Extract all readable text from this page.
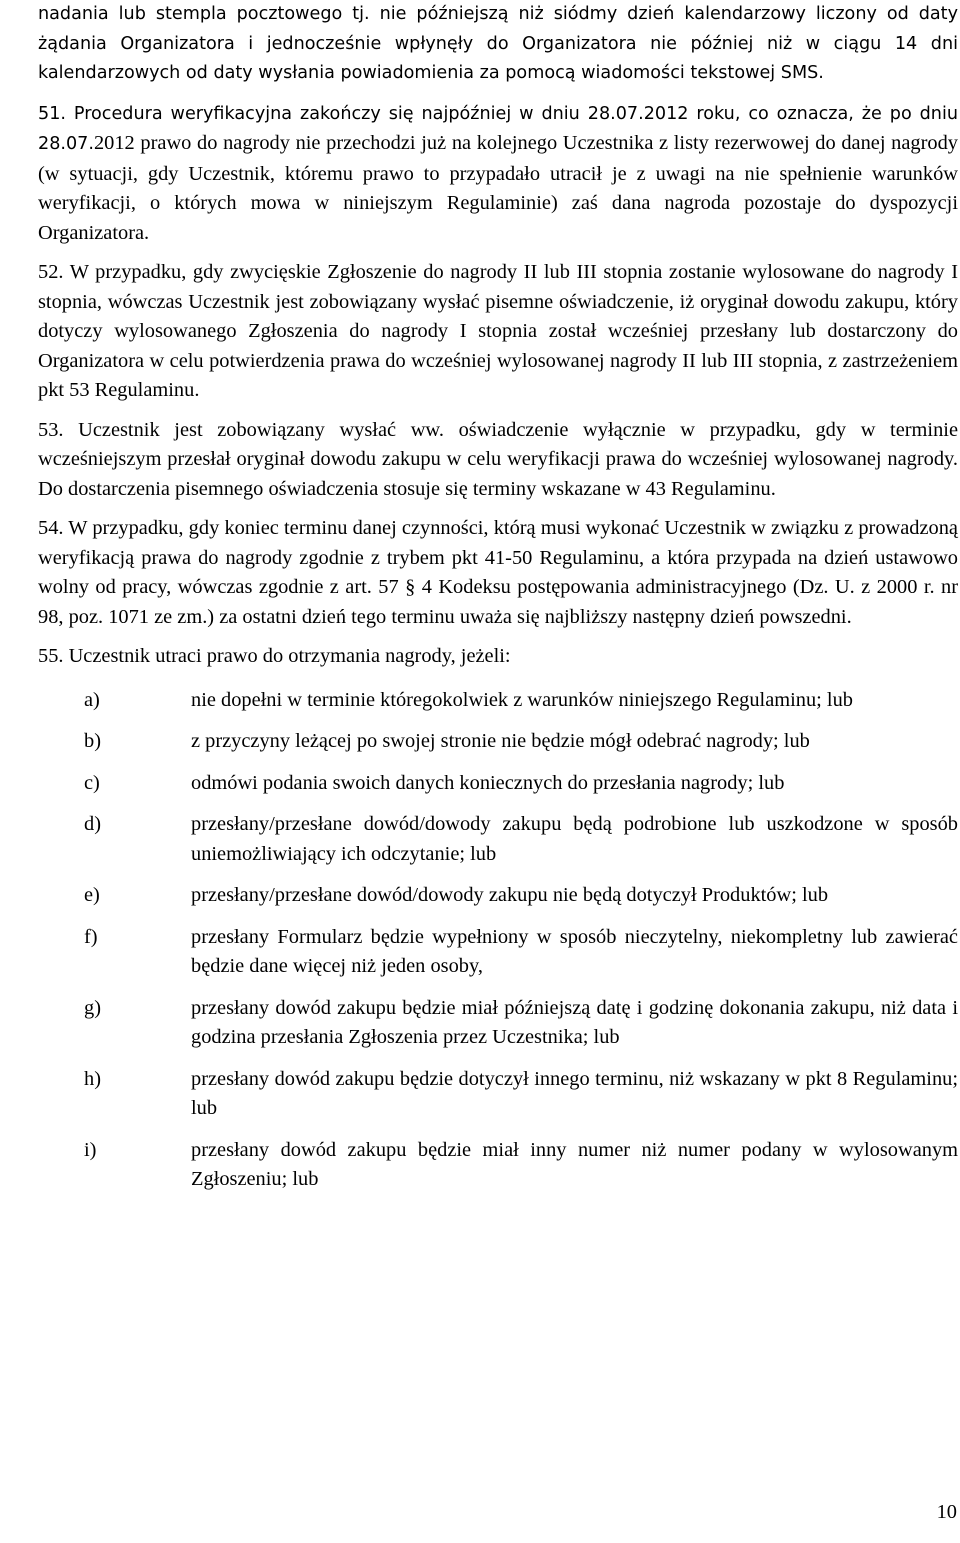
nadania lub stempla pocztowego tj. nie późniejszą niż siódmy dzień kalendarzowy liczony od daty żądania Organizatora i jednocześnie wpłynęły do Organizatora nie później niż w ciągu 14 dni kalendarzowych od daty wysłania powiadomienia za pomocą wiadomości tekstowej SMS.

51. Procedura weryfikacyjna zakończy się najpóźniej w dniu 28.07.2012 roku, co oznacza, że po dniu 28.07.2012 prawo do nagrody nie przechodzi już na kolejnego Uczestnika z listy rezerwowej do danej nagrody (w sytuacji, gdy Uczestnik, któremu prawo to przypadało utracił je z uwagi na nie spełnienie warunków weryfikacji, o których mowa w niniejszym Regulaminie) zaś dana nagroda pozostaje do dyspozycji Organizatora.

52. W przypadku, gdy zwycięskie Zgłoszenie do nagrody II lub III stopnia zostanie wylosowane do nagrody I stopnia, wówczas Uczestnik jest zobowiązany wysłać pisemne oświadczenie, iż oryginał dowodu zakupu, który dotyczy wylosowanego Zgłoszenia do nagrody I stopnia został wcześniej przesłany lub dostarczony do Organizatora w celu potwierdzenia prawa do wcześniej wylosowanej nagrody II lub III stopnia, z zastrzeżeniem pkt 53 Regulaminu.

53. Uczestnik jest zobowiązany wysłać ww. oświadczenie wyłącznie w przypadku, gdy w terminie wcześniejszym przesłał oryginał dowodu zakupu w celu weryfikacji prawa do wcześniej wylosowanej nagrody. Do dostarczenia pisemnego oświadczenia stosuje się terminy wskazane w 43 Regulaminu.

54. W przypadku, gdy koniec terminu danej czynności, którą musi wykonać Uczestnik w związku z prowadzoną weryfikacją prawa do nagrody zgodnie z trybem pkt 41-50 Regulaminu, a która przypada na dzień ustawowo wolny od pracy, wówczas zgodnie z art. 57 § 4 Kodeksu postępowania administracyjnego (Dz. U. z 2000 r. nr 98, poz. 1071 ze zm.) za ostatni dzień tego terminu uważa się najbliższy następny dzień powszedni.

55. Uczestnik utraci prawo do otrzymania nagrody, jeżeli:

a)	nie dopełni w terminie któregokolwiek z warunków niniejszego Regulaminu; lub
b)	z przyczyny leżącej po swojej stronie nie będzie mógł odebrać nagrody; lub
c)	odmówi podania swoich danych koniecznych do przesłania nagrody; lub
d)	przesłany/przesłane dowód/dowody zakupu będą podrobione lub uszkodzone w sposób uniemożliwiający ich odczytanie; lub
e)	przesłany/przesłane dowód/dowody zakupu nie będą dotyczył Produktów; lub
f)	przesłany Formularz będzie wypełniony w sposób nieczytelny, niekompletny lub zawierać będzie dane więcej niż jeden osoby,
g)	przesłany dowód zakupu będzie miał późniejszą datę i godzinę dokonania zakupu, niż data i godzina przesłania Zgłoszenia przez Uczestnika; lub
h)	przesłany dowód zakupu będzie dotyczył innego terminu, niż wskazany w pkt 8 Regulaminu; lub
i)	przesłany dowód zakupu będzie miał inny numer niż numer podany w wylosowanym Zgłoszeniu; lub
10
